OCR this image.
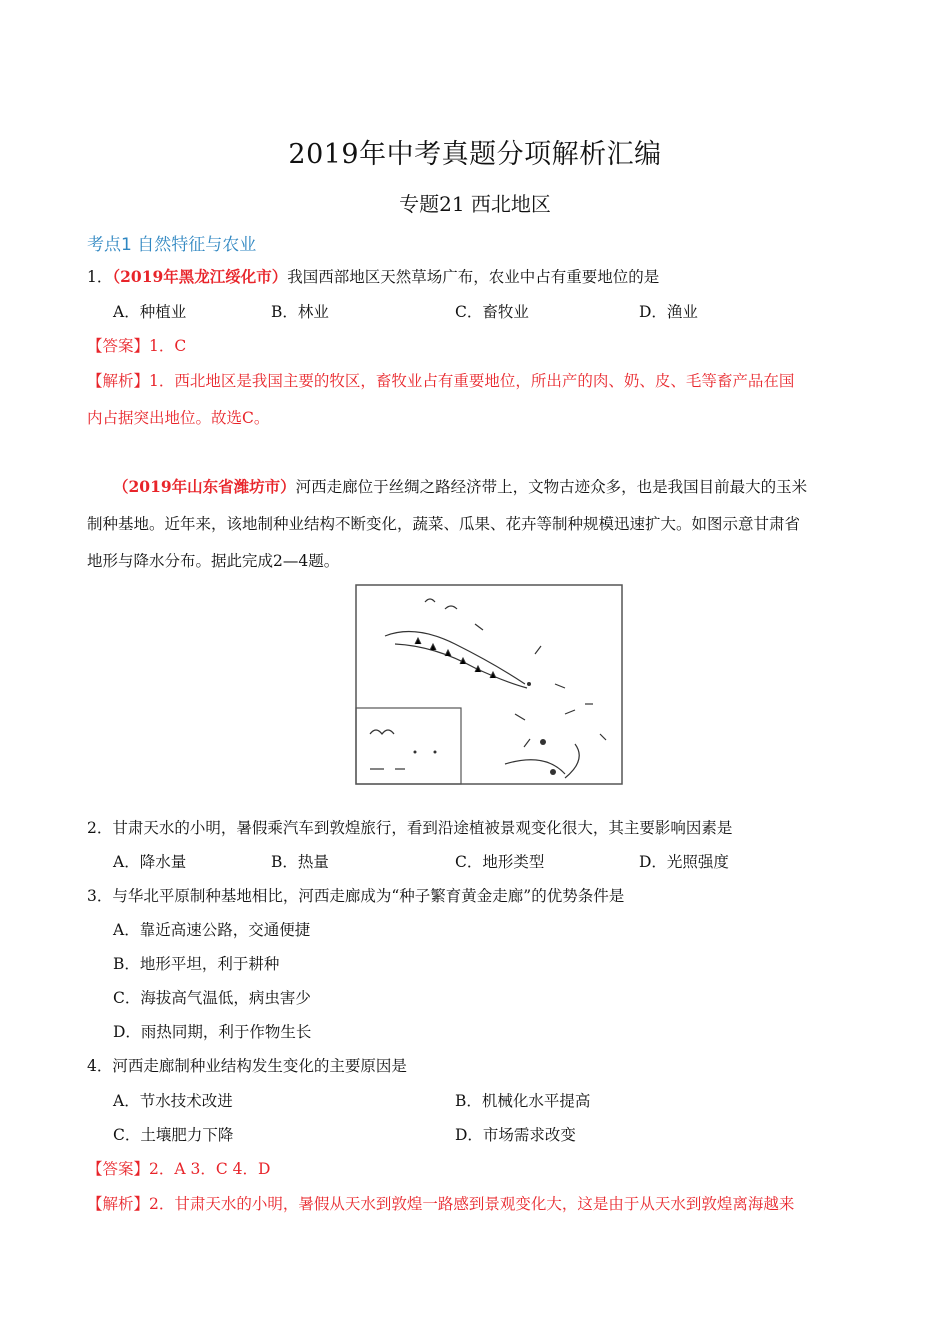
2019年中考真题分项解析汇编
专题21 西北地区
考点1 自然特征与农业
1．（2019年黑龙江绥化市）我国西部地区天然草场广布，农业中占有重要地位的是
A．种植业	B．林业	C．畜牧业	D．渔业
【答案】1．C
【解析】1．西北地区是我国主要的牧区，畜牧业占有重要地位，所出产的肉、奶、皮、毛等畜产品在国
内占据突出地位。故选C。
（2019年山东省潍坊市）河西走廊位于丝绸之路经济带上，文物古迹众多，也是我国目前最大的玉米
制种基地。近年来，该地制种业结构不断变化，蔬菜、瓜果、花卉等制种规模迅速扩大。如图示意甘肃省
地形与降水分布。据此完成2—4题。
2．甘肃天水的小明，暑假乘汽车到敦煌旅行，看到沿途植被景观变化很大，其主要影响因素是
A．降水量	B．热量	C．地形类型	D．光照强度
3．与华北平原制种基地相比，河西走廊成为“种子繁育黄金走廊”的优势条件是
A．靠近高速公路，交通便捷
B．地形平坦，利于耕种
C．海拔高气温低，病虫害少
D．雨热同期，利于作物生长
4．河西走廊制种业结构发生变化的主要原因是
A．节水技术改进	B．机械化水平提高
C．土壤肥力下降	D．市场需求改变
【答案】2．A 3．C 4．D
【解析】2．甘肃天水的小明，暑假从天水到敦煌一路感到景观变化大，这是由于从天水到敦煌离海越来
